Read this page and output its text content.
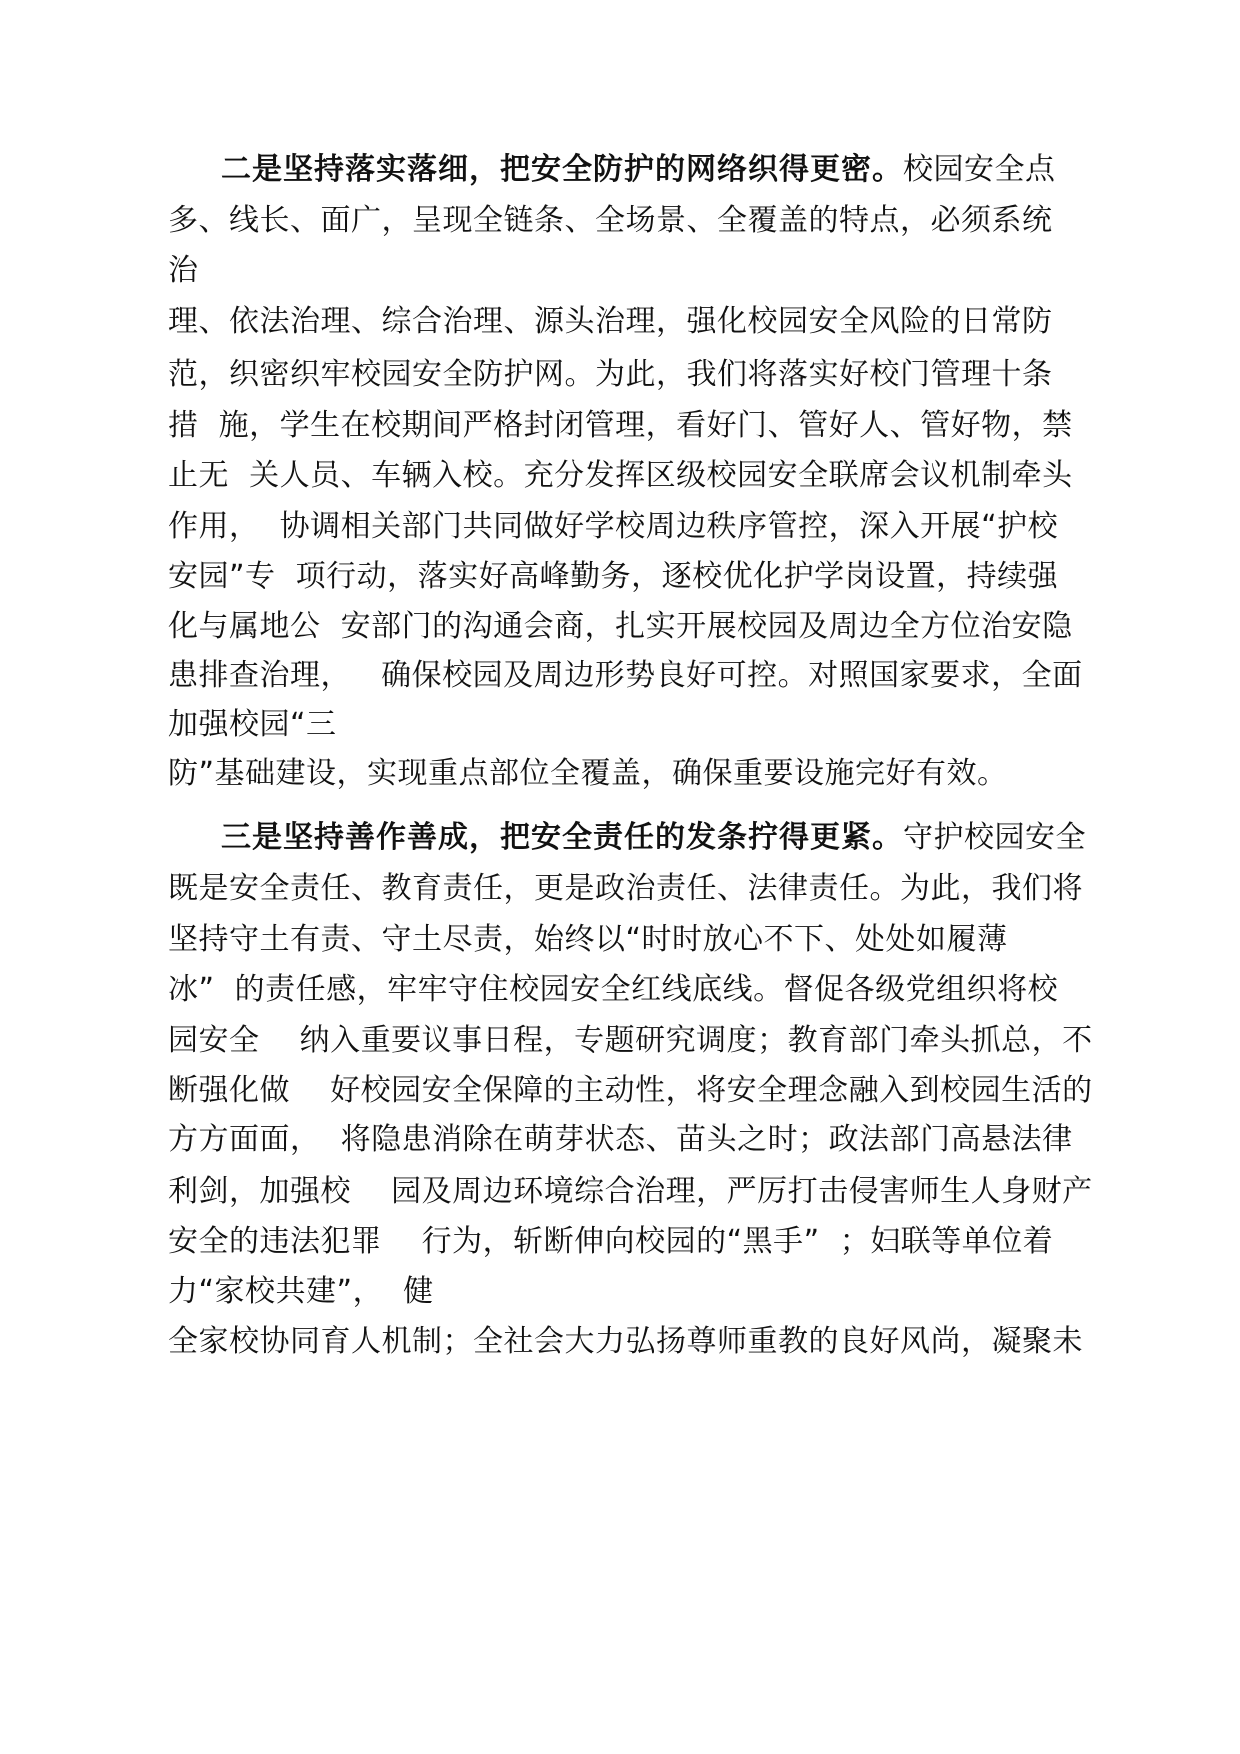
二是坚持落实落细，把安全防护的网络织得更密。校园安全点
多、线长、面广，呈现全链条、全场景、全覆盖的特点，必须系统
治
理、依法治理、综合治理、源头治理，强化校园安全风险的日常防
范，织密织牢校园安全防护网。为此，我们将落实好校门管理十条
措  施，学生在校期间严格封闭管理，看好门、管好人、管好物，禁
止无  关人员、车辆入校。充分发挥区级校园安全联席会议机制牵头
作用，  协调相关部门共同做好学校周边秩序管控，深入开展“护校
安园”专  项行动，落实好高峰勤务，逐校优化护学岗设置，持续强
化与属地公  安部门的沟通会商，扎实开展校园及周边全方位治安隐
患排查治理，   确保校园及周边形势良好可控。对照国家要求，全面
加强校园“三
防”基础建设，实现重点部位全覆盖，确保重要设施完好有效。
三是坚持善作善成，把安全责任的发条拧得更紧。守护校园安全
既是安全责任、教育责任，更是政治责任、法律责任。为此，我们将
坚持守土有责、守土尽责，始终以“时时放心不下、处处如履薄
冰”  的责任感，牢牢守住校园安全红线底线。督促各级党组织将校
园安全    纳入重要议事日程，专题研究调度；教育部门牵头抓总，不
断强化做    好校园安全保障的主动性，将安全理念融入到校园生活的
方方面面，  将隐患消除在萌芽状态、苗头之时；政法部门高悬法律
利剑，加强校    园及周边环境综合治理，严厉打击侵害师生人身财产
安全的违法犯罪    行为，斩断伸向校园的“黑手”  ；妇联等单位着
力“家校共建”，  健
全家校协同育人机制；全社会大力弘扬尊师重教的良好风尚，凝聚未
